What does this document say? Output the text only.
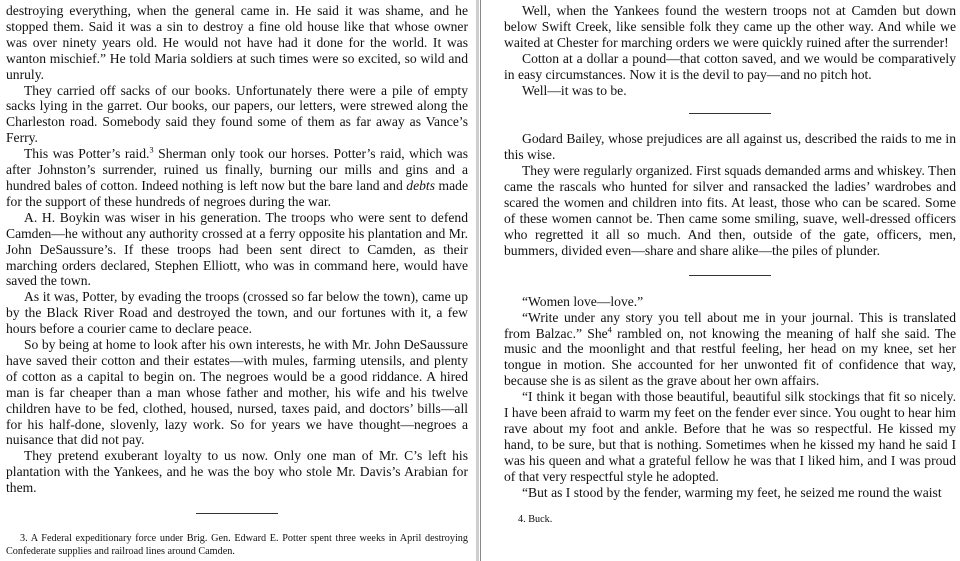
destroying everything, when the general came in. He said it was shame, and he stopped them. Said it was a sin to destroy a fine old house like that whose owner was over ninety years old. He would not have had it done for the world. It was wanton mischief.” He told Maria soldiers at such times were so excited, so wild and unruly.

They carried off sacks of our books. Unfortunately there were a pile of empty sacks lying in the garret. Our books, our papers, our letters, were strewed along the Charleston road. Somebody said they found some of them as far away as Vance’s Ferry.

This was Potter’s raid.$^3$ Sherman only took our horses. Potter’s raid, which was after Johnston’s surrender, ruined us finally, burning our mills and gins and a hundred bales of cotton. Indeed nothing is left now but the bare land and debts made for the support of these hundreds of negroes during the war.

A. H. Boykin was wiser in his generation. The troops who were sent to defend Camden—he without any authority crossed at a ferry opposite his plantation and Mr. John DeSaussure’s. If these troops had been sent direct to Camden, as their marching orders declared, Stephen Elliott, who was in command here, would have saved the town.

As it was, Potter, by evading the troops (crossed so far below the town), came up by the Black River Road and destroyed the town, and our fortunes with it, a few hours before a courier came to declare peace.

So by being at home to look after his own interests, he with Mr. John DeSaussure have saved their cotton and their estates—with mules, farming utensils, and plenty of cotton as a capital to begin on. The negroes would be a good riddance. A hired man is far cheaper than a man whose father and mother, his wife and his twelve children have to be fed, clothed, housed, nursed, taxes paid, and doctors’ bills—all for his half-done, slovenly, lazy work. So for years we have thought—negroes a nuisance that did not pay.

They pretend exuberant loyalty to us now. Only one man of Mr. C’s left his plantation with the Yankees, and he was the boy who stole Mr. Davis’s Arabian for them.

3. A Federal expeditionary force under Brig. Gen. Edward E. Potter spent three weeks in April destroying Confederate supplies and railroad lines around Camden.

Well, when the Yankees found the western troops not at Camden but down below Swift Creek, like sensible folk they came up the other way. And while we waited at Chester for marching orders we were quickly ruined after the surrender!

Cotton at a dollar a pound—that cotton saved, and we would be comparatively in easy circumstances. Now it is the devil to pay—and no pitch hot.

Well—it was to be.

Godard Bailey, whose prejudices are all against us, described the raids to me in this wise.

They were regularly organized. First squads demanded arms and whiskey. Then came the rascals who hunted for silver and ransacked the ladies’ wardrobes and scared the women and children into fits. At least, those who can be scared. Some of these women cannot be. Then came some smiling, suave, well-dressed officers who regretted it all so much. And then, outside of the gate, officers, men, bummers, divided even—share and share alike—the piles of plunder.

“Women love—love.”

“Write under any story you tell about me in your journal. This is translated from Balzac.” She$^4$ rambled on, not knowing the meaning of half she said. The music and the moonlight and that restful feeling, her head on my knee, set her tongue in motion. She accounted for her unwonted fit of confidence that way, because she is as silent as the grave about her own affairs.

“I think it began with those beautiful, beautiful silk stockings that fit so nicely. I have been afraid to warm my feet on the fender ever since. You ought to hear him rave about my foot and ankle. Before that he was so respectful. He kissed my hand, to be sure, but that is nothing. Sometimes when he kissed my hand he said I was his queen and what a grateful fellow he was that I liked him, and I was proud of that very respectful style he adopted.

“But as I stood by the fender, warming my feet, he seized me round the waist

4. Buck.
